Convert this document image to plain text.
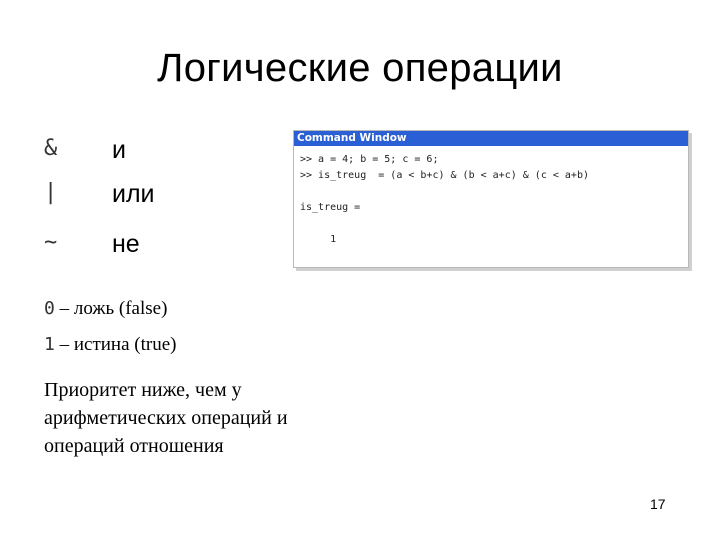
Логические операции
& и
| или
~ не
Command Window
>> a = 4; b = 5; c = 6;
>> is_treug  = (a < b+c) & (b < a+c) & (c < a+b)
is_treug =
1
0 – ложь (false)
1 – истина (true)
Приоритет ниже, чем у арифметических операций и операций отношения
17
